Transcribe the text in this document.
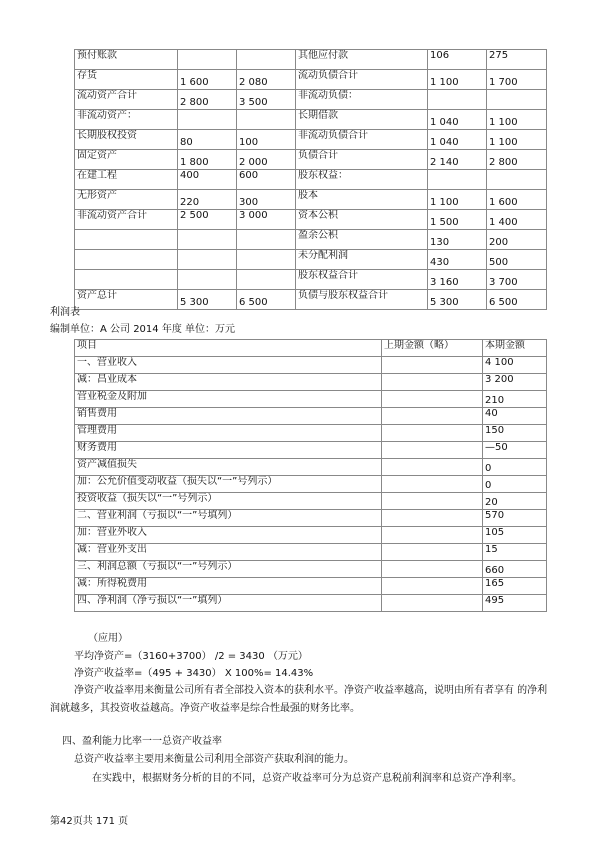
预付账款			其他应付款	106	275
存货	1 600	2 080	流动负债合计	1 100	1 700
流动资产合计	2 800	3 500	非流动负债：		
非流动资产：			长期借款	1 040	1 100
长期股权投资	80	100	非流动负债合计	1 040	1 100
固定资产	1 800	2 000	负债合计	2 140	2 800
在建工程	400	600	股东权益：		
无形资产	220	300	股本	1 100	1 600
非流动资产合计	2 500	3 000	资本公积	1 500	1 400
			盈余公积	130	200
			未分配利润	430	500
			股东权益合计	3 160	3 700
资产总计	5 300	6 500	负债与股东权益合计	5 300	6 500
利润表
编制单位：A 公司 2014 年度 单位：万元
项目	上期金额（略）	本期金额
一、营业收入		4 100
减：昌业成本		3 200
营业税金及附加		210
销售费用		40
管理费用		150
财务费用		—50
资产减值损失		0
加：公允价值变动收益（损失以“一”号列示）		0
投资收益（损失以“一”号列示）		20
二、营业利润（亏损以“一”号填列）		570
加：营业外收入		105
减：营业外支出		15
三、利润总额（亏损以“一”号列示）		660
减：所得税费用		165
四、净利润（净亏损以“一”填列）		495
（应用）
平均净资产=（3160+3700） /2 = 3430 （万元）
净资产收益率=（495 + 3430） X 100%= 14.43%
净资产收益率用来衡量公司所有者全部投入资本的获利水平。净资产收益率越高，说明由所有者享有 的净利润就越多，其投资收益越高。净资产收益率是综合性最强的财务比率。
四、盈利能力比率一一总资产收益率
总资产收益率主要用来衡量公司利用全部资产获取利润的能力。
在实践中，根据财务分析的目的不同，总资产收益率可分为总资产息税前利润率和总资产净利率。
第42页共 171 页
